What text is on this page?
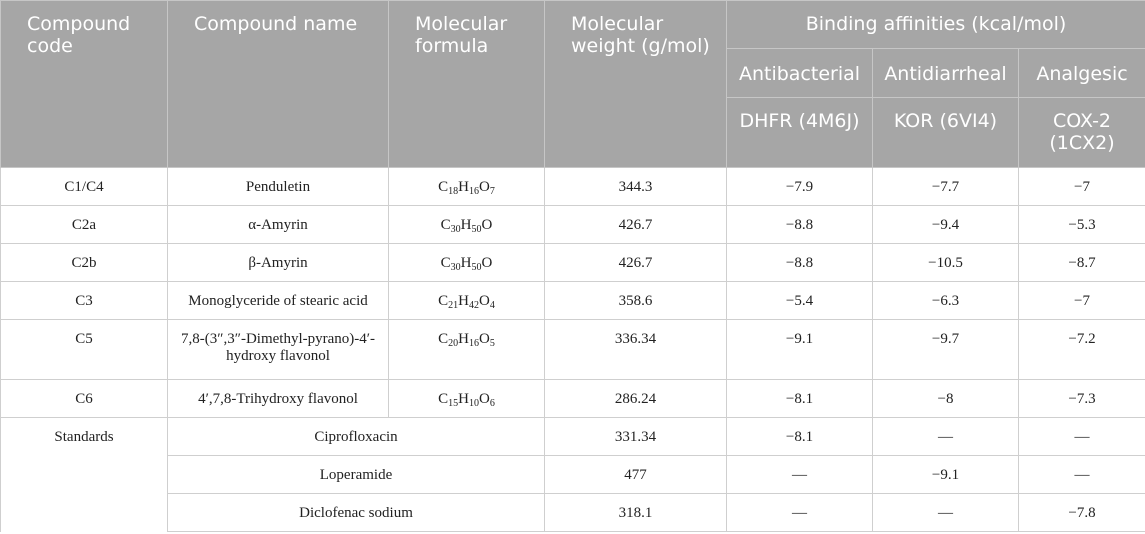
Compound code	Compound name	Molecular formula	Molecular weight (g/mol)	Binding affinities (kcal/mol)		
				Antibacterial	Antidiarrheal	Analgesic
				DHFR (4M6J)	KOR (6VI4)	COX-2 (1CX2)
C1/C4	Penduletin	$C_{18}H_{16}O_7$	344.3	−7.9	−7.7	−7
C2a	α-Amyrin	$C_{30}H_{50}O$	426.7	−8.8	−9.4	−5.3
C2b	β-Amyrin	$C_{30}H_{50}O$	426.7	−8.8	−10.5	−8.7
C3	Monoglyceride of stearic acid	$C_{21}H_{42}O_4$	358.6	−5.4	−6.3	−7
C5	7,8-(3″,3″-Dimethyl-pyrano)-4′-hydroxy flavonol	$C_{20}H_{16}O_5$	336.34	−9.1	−9.7	−7.2
C6	4′,7,8-Trihydroxy flavonol	$C_{15}H_{10}O_6$	286.24	−8.1	−8	−7.3
Standards	Ciprofloxacin		331.34	−8.1	—	—
	Loperamide		477	—	−9.1	—
	Diclofenac sodium		318.1	—	—	−7.8
